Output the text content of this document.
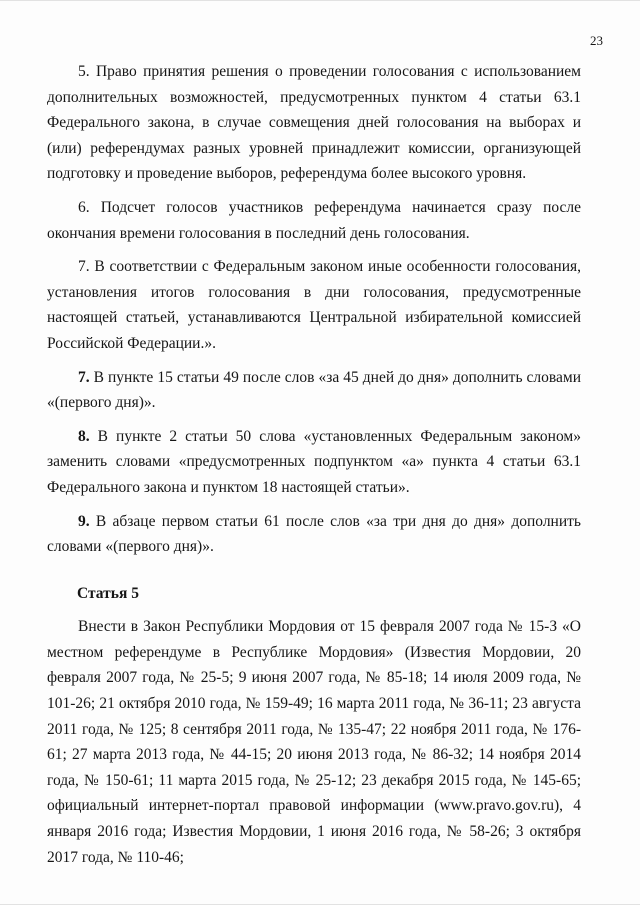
23

5. Право принятия решения о проведении голосования с использованием дополнительных возможностей, предусмотренных пунктом 4 статьи 63.1 Федерального закона, в случае совмещения дней голосования на выборах и (или) референдумах разных уровней принадлежит комиссии, организующей подготовку и проведение выборов, референдума более высокого уровня.

6. Подсчет голосов участников референдума начинается сразу после окончания времени голосования в последний день голосования.

7. В соответствии с Федеральным законом иные особенности голосования, установления итогов голосования в дни голосования, предусмотренные настоящей статьей, устанавливаются Центральной избирательной комиссией Российской Федерации.».

7. В пункте 15 статьи 49 после слов «за 45 дней до дня» дополнить словами «(первого дня)».

8. В пункте 2 статьи 50 слова «установленных Федеральным законом» заменить словами «предусмотренных подпунктом «а» пункта 4 статьи 63.1 Федерального закона и пунктом 18 настоящей статьи».

9. В абзаце первом статьи 61 после слов «за три дня до дня» дополнить словами «(первого дня)».

Статья 5

Внести в Закон Республики Мордовия от 15 февраля 2007 года № 15-З «О местном референдуме в Республике Мордовия» (Известия Мордовии, 20 февраля 2007 года, № 25-5; 9 июня 2007 года, № 85-18; 14 июля 2009 года, № 101-26; 21 октября 2010 года, № 159-49; 16 марта 2011 года, № 36-11; 23 августа 2011 года, № 125; 8 сентября 2011 года, № 135-47; 22 ноября 2011 года, № 176-61; 27 марта 2013 года, № 44-15; 20 июня 2013 года, № 86-32; 14 ноября 2014 года, № 150-61; 11 марта 2015 года, № 25-12; 23 декабря 2015 года, № 145-65; официальный интернет-портал правовой информации (www.pravo.gov.ru), 4 января 2016 года; Известия Мордовии, 1 июня 2016 года, № 58-26; 3 октября 2017 года, № 110-46;
